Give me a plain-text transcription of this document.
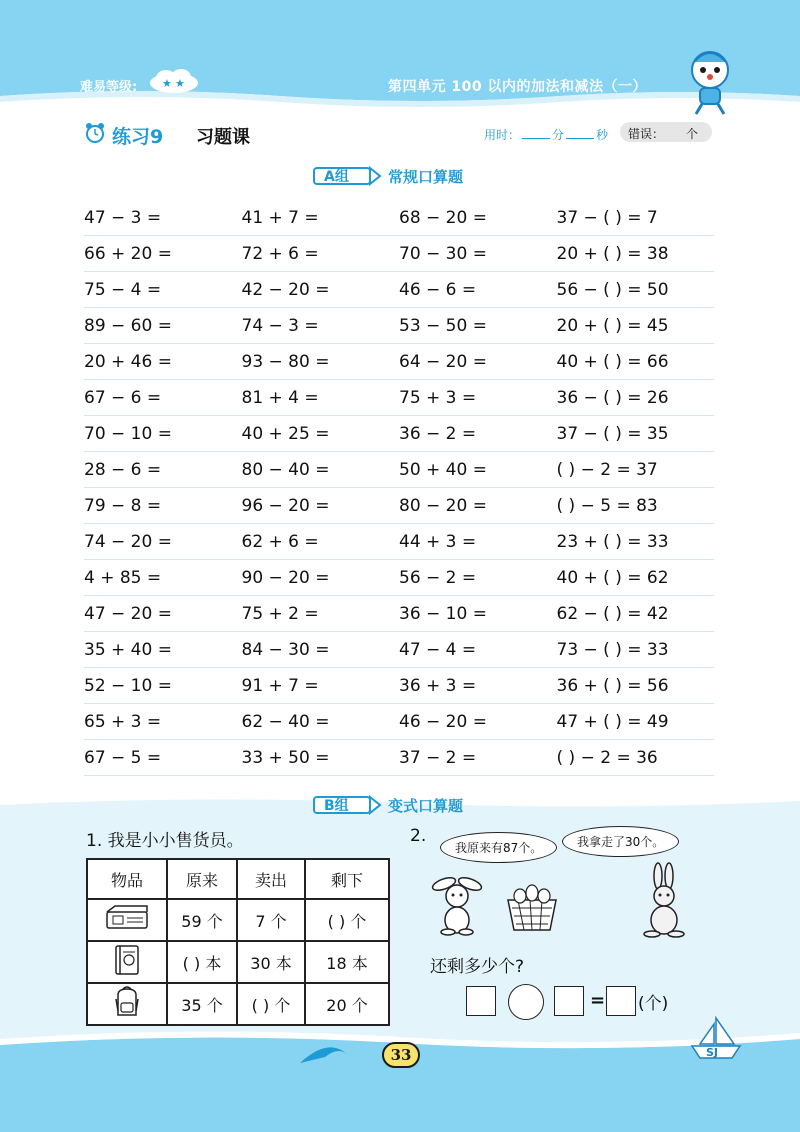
难易等级: ★ ★	第四单元 100 以内的加法和减法（一）
练习9 习题课	用时：	分	秒	错误： 个
A组	常规口算题
47 − 3 =	41 + 7 =	68 − 20 =	37 − ( ) = 7
66 + 20 =	72 + 6 =	70 − 30 =	20 + ( ) = 38
75 − 4 =	42 − 20 =	46 − 6 =	56 − ( ) = 50
89 − 60 =	74 − 3 =	53 − 50 =	20 + ( ) = 45
20 + 46 =	93 − 80 =	64 − 20 =	40 + ( ) = 66
67 − 6 =	81 + 4 =	75 + 3 =	36 − ( ) = 26
70 − 10 =	40 + 25 =	36 − 2 =	37 − ( ) = 35
28 − 6 =	80 − 40 =	50 + 40 =	( ) − 2 = 37
79 − 8 =	96 − 20 =	80 − 20 =	( ) − 5 = 83
74 − 20 =	62 + 6 =	44 + 3 =	23 + ( ) = 33
4 + 85 =	90 − 20 =	56 − 2 =	40 + ( ) = 62
47 − 20 =	75 + 2 =	36 − 10 =	62 − ( ) = 42
35 + 40 =	84 − 30 =	47 − 4 =	73 − ( ) = 33
52 − 10 =	91 + 7 =	36 + 3 =	36 + ( ) = 56
65 + 3 =	62 − 40 =	46 − 20 =	47 + ( ) = 49
67 − 5 =	33 + 50 =	37 − 2 =	( ) − 2 = 36
B组	变式口算题
1. 我是小小售货员。
物品	原来	卖出	剩下
	59 个	7 个	( ) 个
	( ) 本	30 本	18 本
	35 个	( ) 个	20 个
2.
我原来有87个。	我拿走了30个。
还剩多少个?
= (个)
33	SJ
